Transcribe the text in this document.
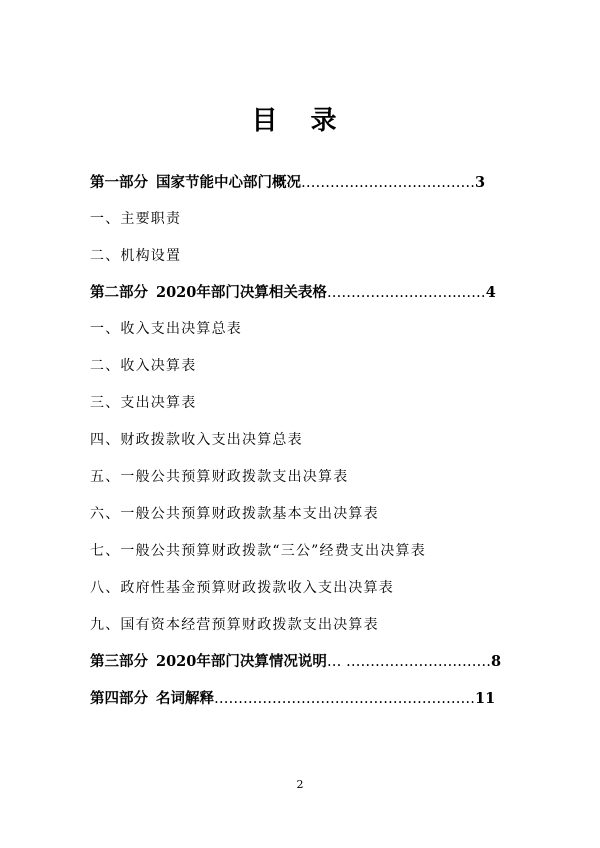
目 录
第一部分 国家节能中心部门概况 ……………………………… 3
一、主要职责
二、机构设置
第二部分 2020年部门决算相关表格 ………….…….…….…… 4
一、收入支出决算总表
二、收入决算表
三、支出决算表
四、财政拨款收入支出决算总表
五、一般公共预算财政拨款支出决算表
六、一般公共预算财政拨款基本支出决算表
七、一般公共预算财政拨款“三公”经费支出决算表
八、政府性基金预算财政拨款收入支出决算表
九、国有资本经营预算财政拨款支出决算表
第三部分 2020年部门决算情况说明 … ………………………… 8
第四部分 名词解释 ……………………………………………… 11
2
